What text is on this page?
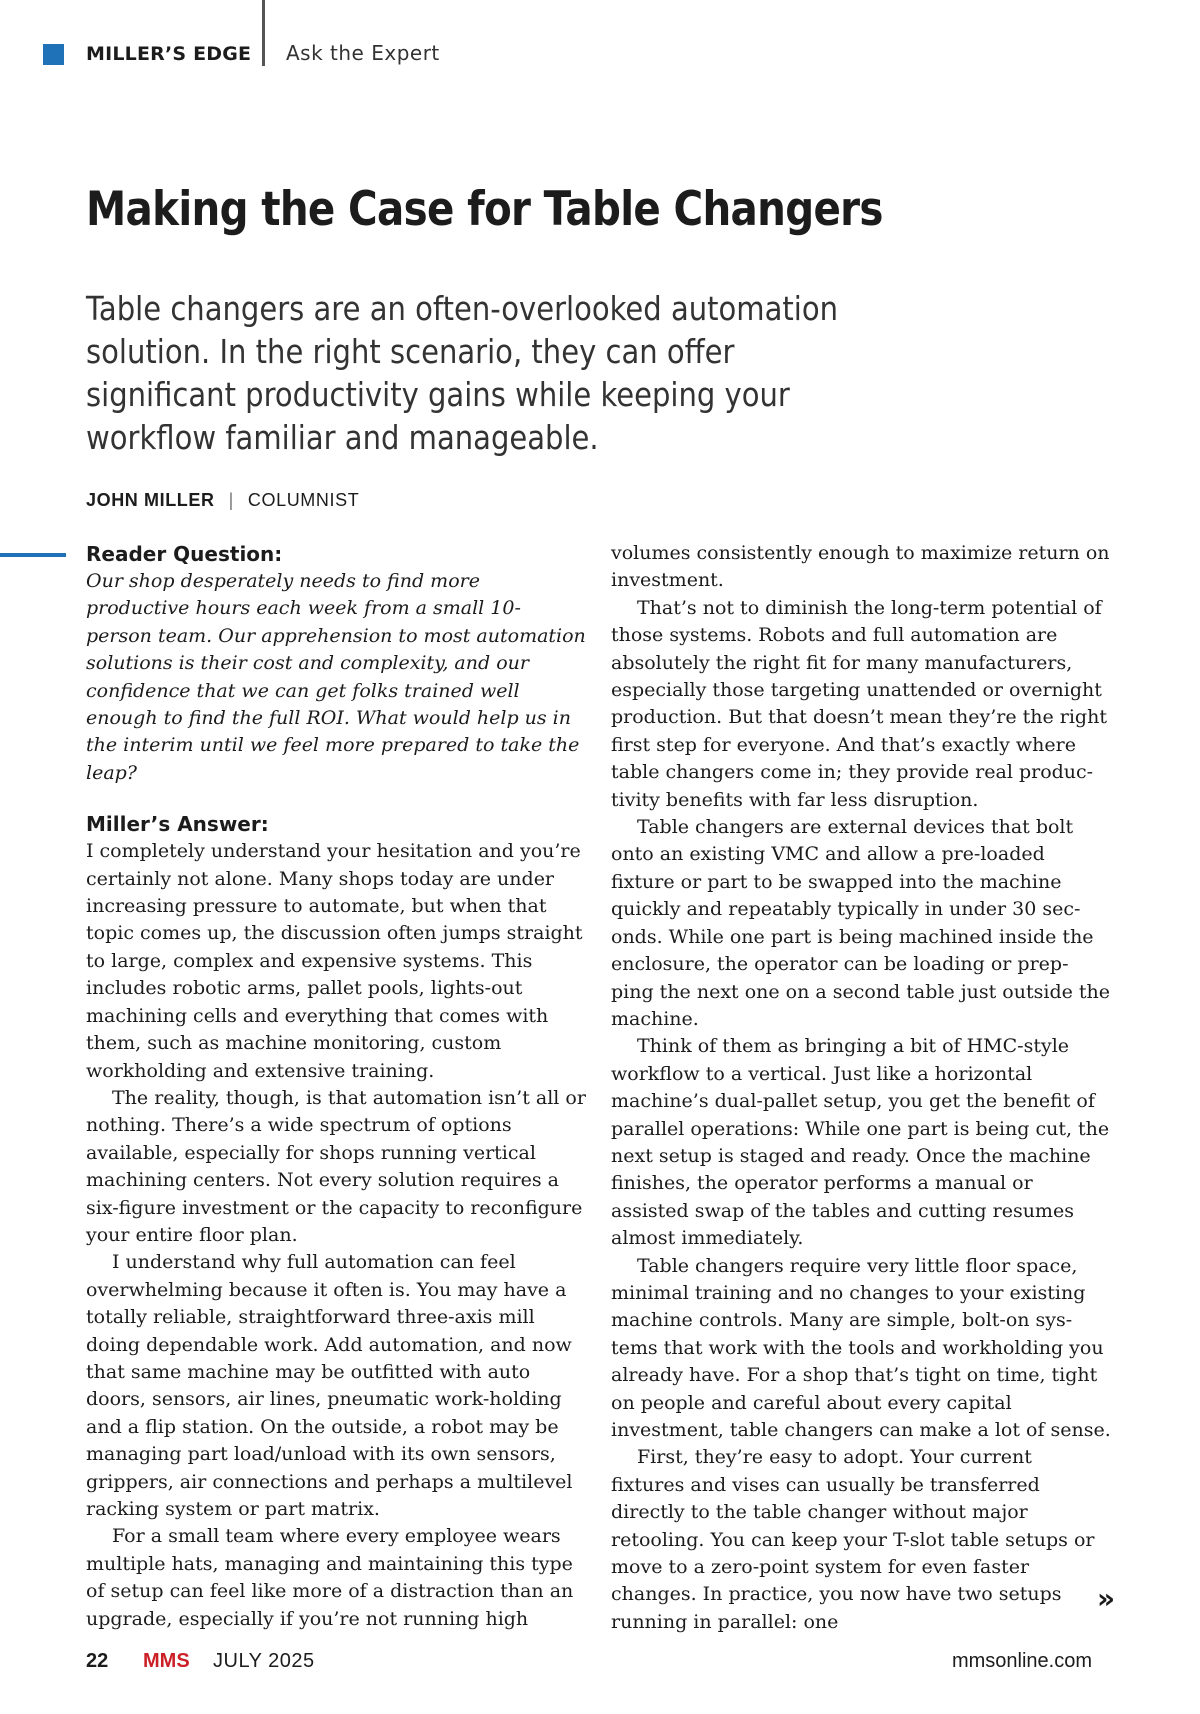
MILLER’S EDGE Ask the Expert
Making the Case for Table Changers

Table changers are an often-overlooked automation solution. In the right scenario, they can offer significant productivity gains while keeping your workflow familiar and manageable.

JOHN MILLER | COLUMNIST
Reader Question:

Our shop desperately needs to find more productive hours each week from a small 10-person team. Our apprehension to most automation solutions is their cost and complexity, and our confidence that we can get folks trained well enough to find the full ROI. What would help us in the interim until we feel more prepared to take the leap?

Miller’s Answer:

I completely understand your hesitation and you’re certainly not alone. Many shops today are under increasing pressure to automate, but when that topic comes up, the discussion often jumps straight to large, complex and expensive systems. This includes robotic arms, pallet pools, lights-out machining cells and everything that comes with them, such as machine monitoring, custom workholding and extensive training.

The reality, though, is that automation isn’t all or nothing. There’s a wide spectrum of options available, especially for shops running vertical machining centers. Not every solution requires a six-figure investment or the capacity to reconfigure your entire floor plan.

I understand why full automation can feel overwhelming because it often is. You may have a totally reliable, straightforward three-axis mill doing dependable work. Add automation, and now that same machine may be outfitted with auto doors, sensors, air lines, pneumatic work-holding and a flip station. On the outside, a robot may be managing part load/unload with its own sensors, grippers, air connections and perhaps a multilevel racking system or part matrix.

For a small team where every employee wears multiple hats, managing and maintaining this type of setup can feel like more of a distraction than an upgrade, especially if you’re not running high

volumes consistently enough to maximize return on investment.

That’s not to diminish the long-term potential of those systems. Robots and full automation are absolutely the right fit for many manufacturers, especially those targeting unattended or overnight production. But that doesn’t mean they’re the right first step for everyone. And that’s exactly where table changers come in; they provide real produc-tivity benefits with far less disruption.

Table changers are external devices that bolt onto an existing VMC and allow a pre-loaded fixture or part to be swapped into the machine quickly and repeatably typically in under 30 sec-onds. While one part is being machined inside the enclosure, the operator can be loading or prep-ping the next one on a second table just outside the machine.

Think of them as bringing a bit of HMC-style workflow to a vertical. Just like a horizontal machine’s dual-pallet setup, you get the benefit of parallel operations: While one part is being cut, the next setup is staged and ready. Once the machine finishes, the operator performs a manual or assisted swap of the tables and cutting resumes almost immediately.

Table changers require very little floor space, minimal training and no changes to your existing machine controls. Many are simple, bolt-on sys-tems that work with the tools and workholding you already have. For a shop that’s tight on time, tight on people and careful about every capital investment, table changers can make a lot of sense.

First, they’re easy to adopt. Your current fixtures and vises can usually be transferred directly to the table changer without major retooling. You can keep your T-slot table setups or move to a zero-point system for even faster changes. In practice, you now have two setups running in parallel: one

»
22 MMS JULY 2025	mmsonline.com
